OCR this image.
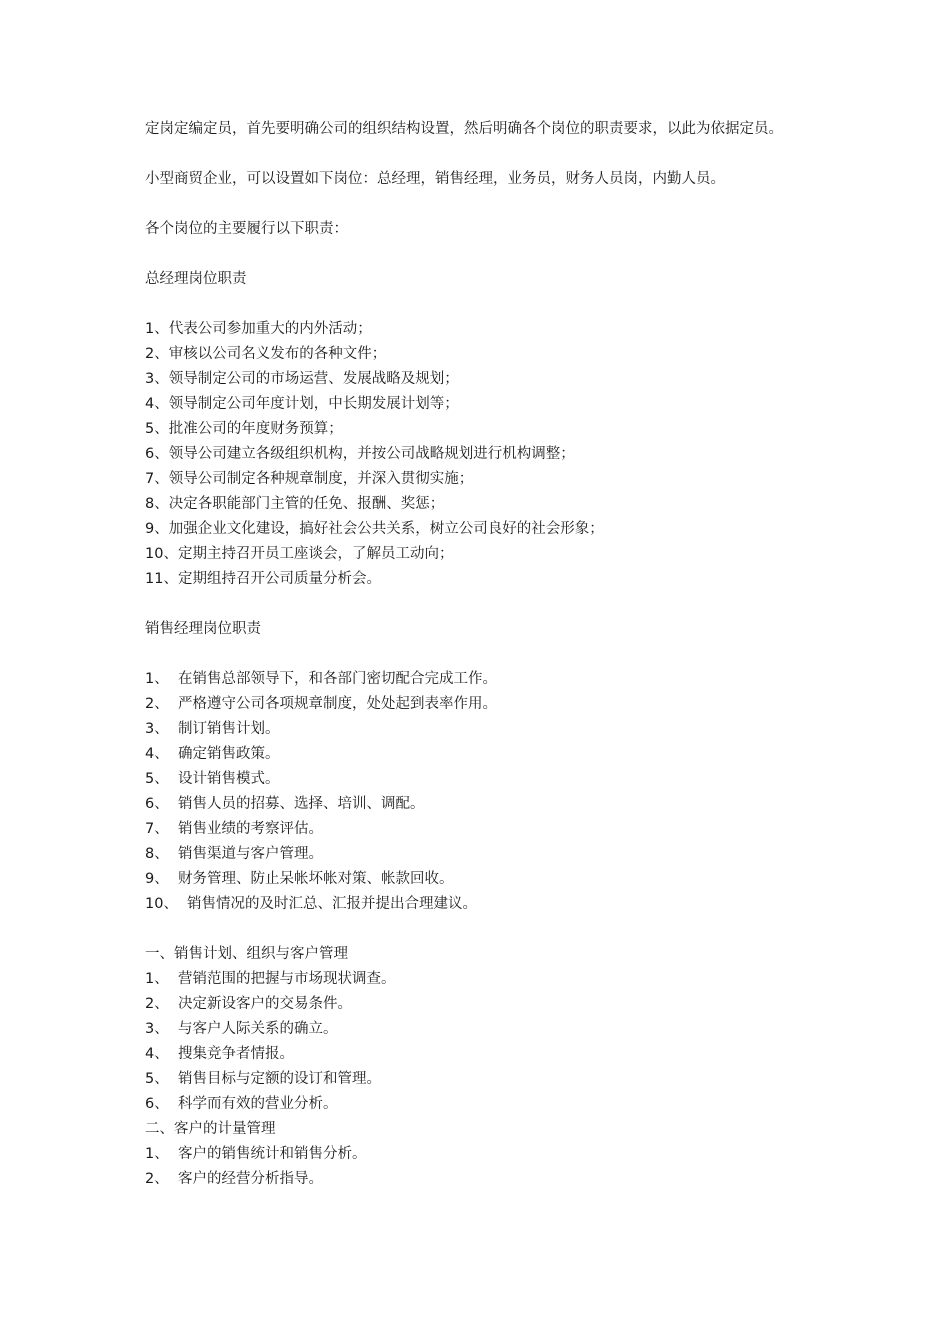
定岗定编定员，首先要明确公司的组织结构设置，然后明确各个岗位的职责要求，以此为依据定员。

小型商贸企业，可以设置如下岗位：总经理，销售经理，业务员，财务人员岗，内勤人员。

各个岗位的主要履行以下职责：

总经理岗位职责

1、 代表公司参加重大的内外活动；
2、 审核以公司名义发布的各种文件；
3、 领导制定公司的市场运营、发展战略及规划；
4、 领导制定公司年度计划，中长期发展计划等；
5、 批准公司的年度财务预算；
6、 领导公司建立各级组织机构，并按公司战略规划进行机构调整；
7、 领导公司制定各种规章制度，并深入贯彻实施；
8、 决定各职能部门主管的任免、报酬、奖惩；
9、 加强企业文化建设，搞好社会公共关系，树立公司良好的社会形象；
10、 定期主持召开员工座谈会，了解员工动向；
11、 定期组持召开公司质量分析会。

销售经理岗位职责

1、 在销售总部领导下，和各部门密切配合完成工作。
2、 严格遵守公司各项规章制度，处处起到表率作用。
3、 制订销售计划。
4、 确定销售政策。
5、 设计销售模式。
6、 销售人员的招募、选择、培训、调配。
7、 销售业绩的考察评估。
8、 销售渠道与客户管理。
9、 财务管理、防止呆帐坏帐对策、帐款回收。
10、 销售情况的及时汇总、汇报并提出合理建议。

一、销售计划、组织与客户管理

1、 营销范围的把握与市场现状调查。
2、 决定新设客户的交易条件。
3、 与客户人际关系的确立。
4、 搜集竞争者情报。
5、 销售目标与定额的设订和管理。
6、 科学而有效的营业分析。

二、客户的计量管理

1、 客户的销售统计和销售分析。
2、 客户的经营分析指导。
